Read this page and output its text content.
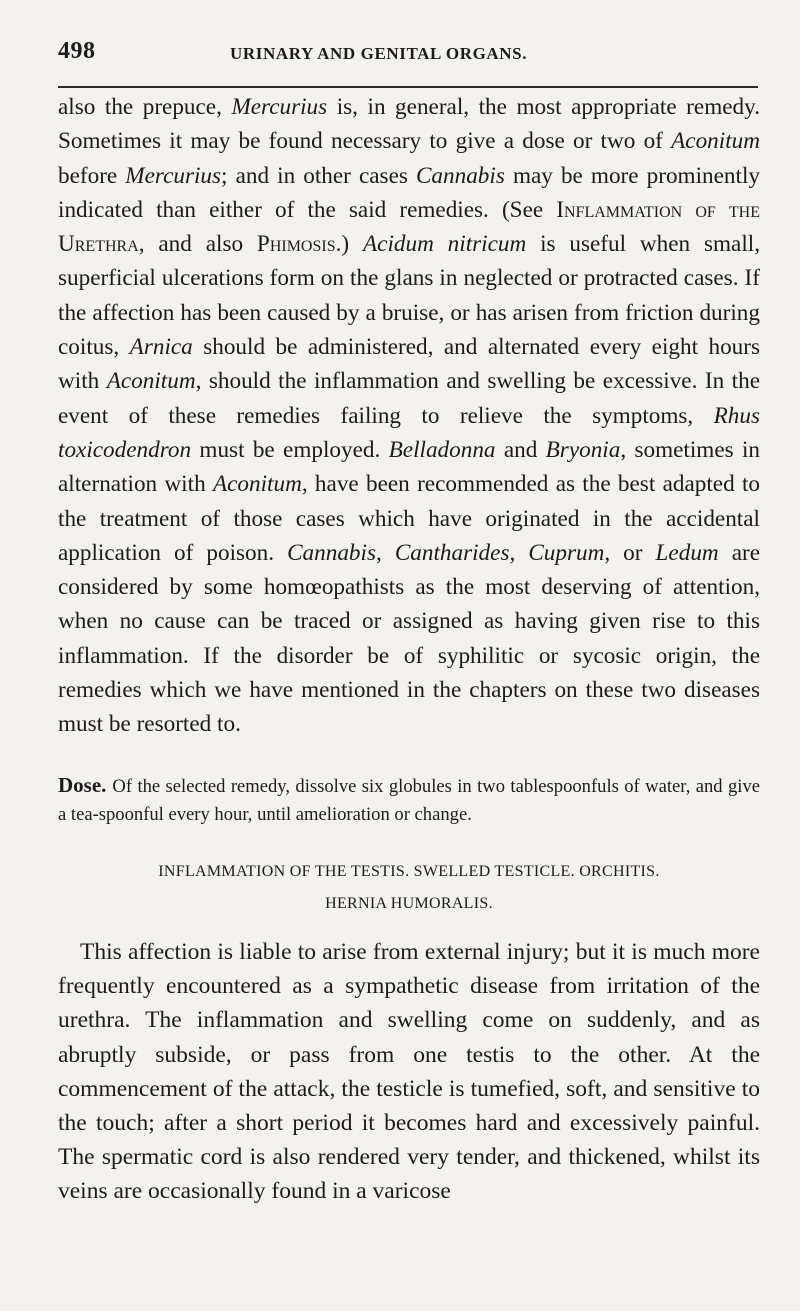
498	URINARY AND GENITAL ORGANS.

also the prepuce, Mercurius is, in general, the most appropriate remedy. Sometimes it may be found necessary to give a dose or two of Aconitum before Mercurius; and in other cases Cannabis may be more prominently indicated than either of the said remedies. (See Inflammation of the Urethra, and also Phimosis.) Acidum nitricum is useful when small, superficial ulcerations form on the glans in neglected or protracted cases. If the affection has been caused by a bruise, or has arisen from friction during coitus, Arnica should be administered, and alternated every eight hours with Aconitum, should the inflammation and swelling be excessive. In the event of these remedies failing to relieve the symptoms, Rhus toxicodendron must be employed. Belladonna and Bryonia, sometimes in alternation with Aconitum, have been recommended as the best adapted to the treatment of those cases which have originated in the accidental application of poison. Cannabis, Cantharides, Cuprum, or Ledum are considered by some homœopathists as the most deserving of attention, when no cause can be traced or assigned as having given rise to this inflammation. If the disorder be of syphilitic or sycosic origin, the remedies which we have mentioned in the chapters on these two diseases must be resorted to.

Dose. Of the selected remedy, dissolve six globules in two tablespoonfuls of water, and give a tea-spoonful every hour, until amelioration or change.
INFLAMMATION OF THE TESTIS. SWELLED TESTICLE. ORCHITIS.
HERNIA HUMORALIS.

This affection is liable to arise from external injury; but it is much more frequently encountered as a sympathetic disease from irritation of the urethra. The inflammation and swelling come on suddenly, and as abruptly subside, or pass from one testis to the other. At the commencement of the attack, the testicle is tumefied, soft, and sensitive to the touch; after a short period it becomes hard and excessively painful. The spermatic cord is also rendered very tender, and thickened, whilst its veins are occasionally found in a varicose
